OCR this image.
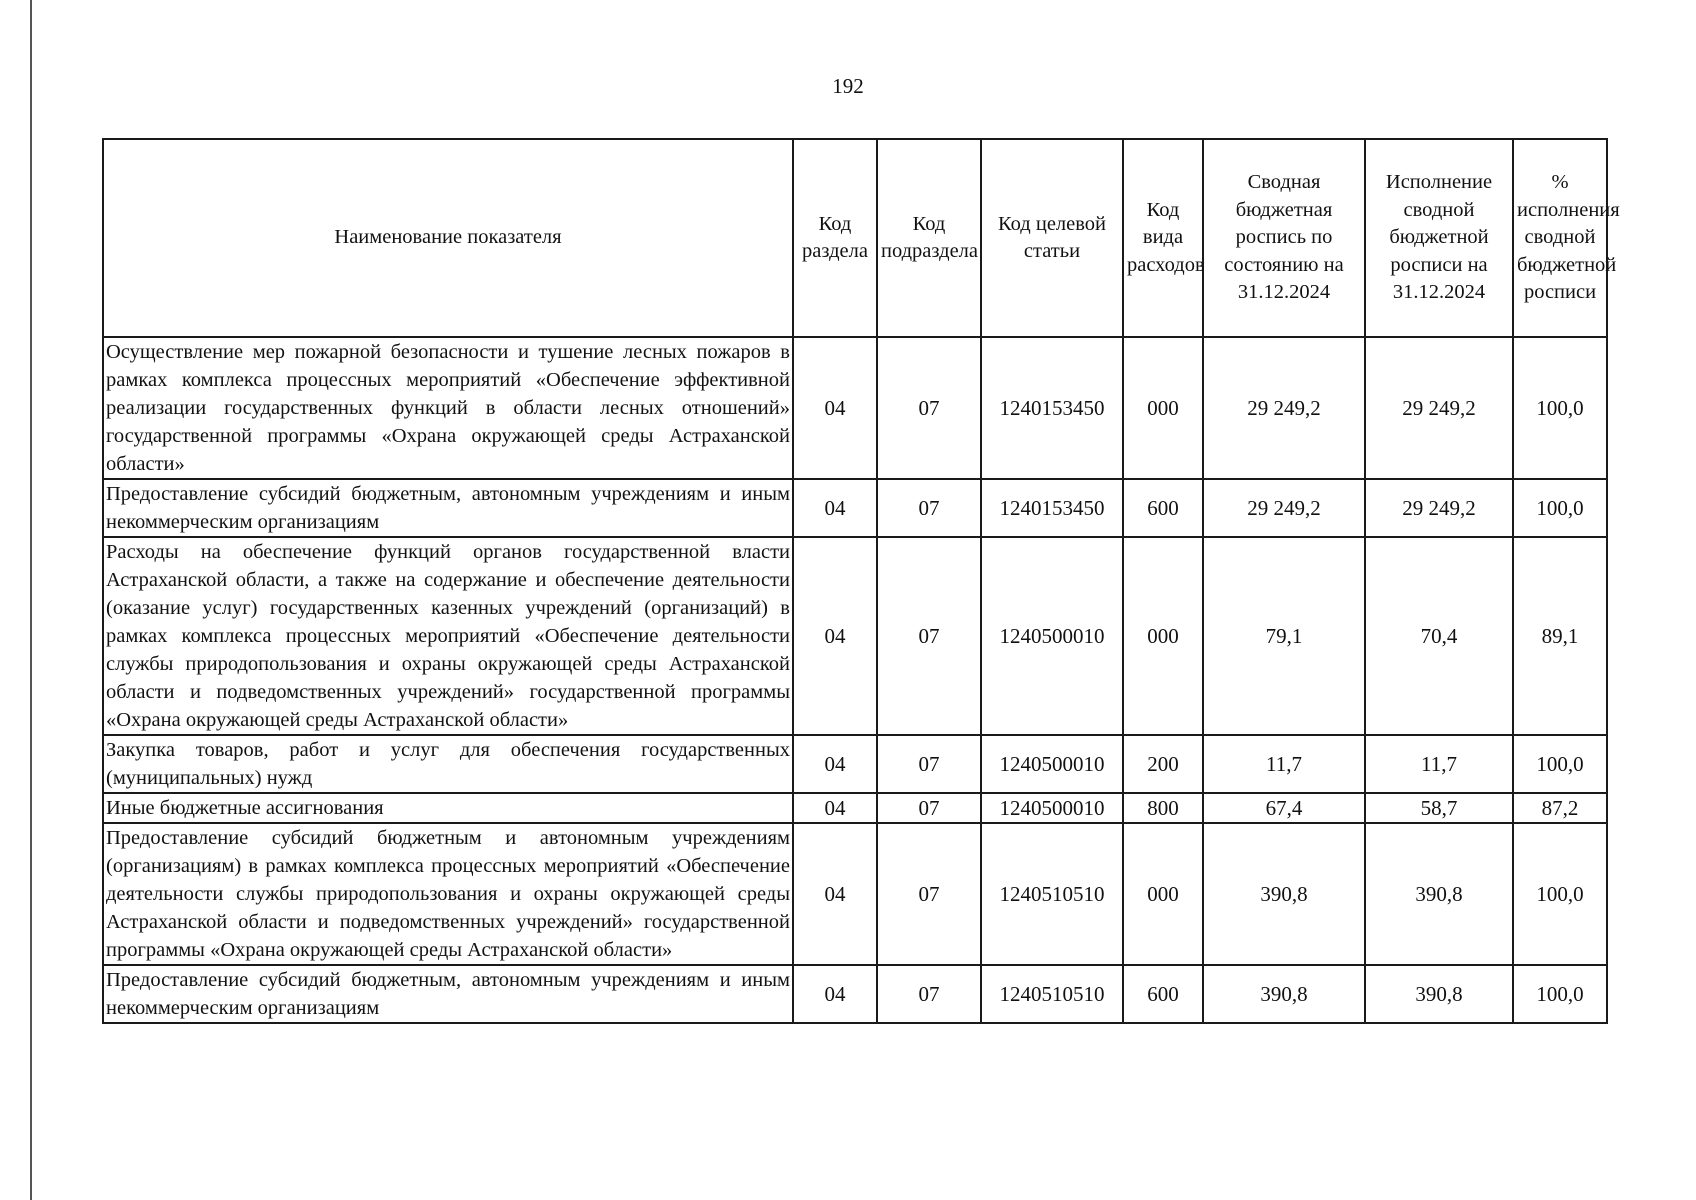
192
Наименование показателя	Код раздела	Код подраздела	Код целевой статьи	Код вида расходов	Сводная бюджетная роспись по состоянию на 31.12.2024	Исполнение сводной бюджетной росписи на 31.12.2024	% исполнения сводной бюджетной росписи
Осуществление мер пожарной безопасности и тушение лесных пожаров в рамках комплекса процессных мероприятий «Обеспечение эффективной реализации государственных функций в области лесных отношений» государственной программы «Охрана окружающей среды Астраханской области»	04	07	1240153450	000	29 249,2	29 249,2	100,0
Предоставление субсидий бюджетным, автономным учреждениям и иным некоммерческим организациям	04	07	1240153450	600	29 249,2	29 249,2	100,0
Расходы на обеспечение функций органов государственной власти Астраханской области, а также на содержание и обеспечение деятельности (оказание услуг) государственных казенных учреждений (организаций) в рамках комплекса процессных мероприятий «Обеспечение деятельности службы природопользования и охраны окружающей среды Астраханской области и подведомственных учреждений» государственной программы «Охрана окружающей среды Астраханской области»	04	07	1240500010	000	79,1	70,4	89,1
Закупка товаров, работ и услуг для обеспечения государственных (муниципальных) нужд	04	07	1240500010	200	11,7	11,7	100,0
Иные бюджетные ассигнования	04	07	1240500010	800	67,4	58,7	87,2
Предоставление субсидий бюджетным и автономным учреждениям (организациям) в рамках комплекса процессных мероприятий «Обеспечение деятельности службы природопользования и охраны окружающей среды Астраханской области и подведомственных учреждений» государственной программы «Охрана окружающей среды Астраханской области»	04	07	1240510510	000	390,8	390,8	100,0
Предоставление субсидий бюджетным, автономным учреждениям и иным некоммерческим организациям	04	07	1240510510	600	390,8	390,8	100,0
